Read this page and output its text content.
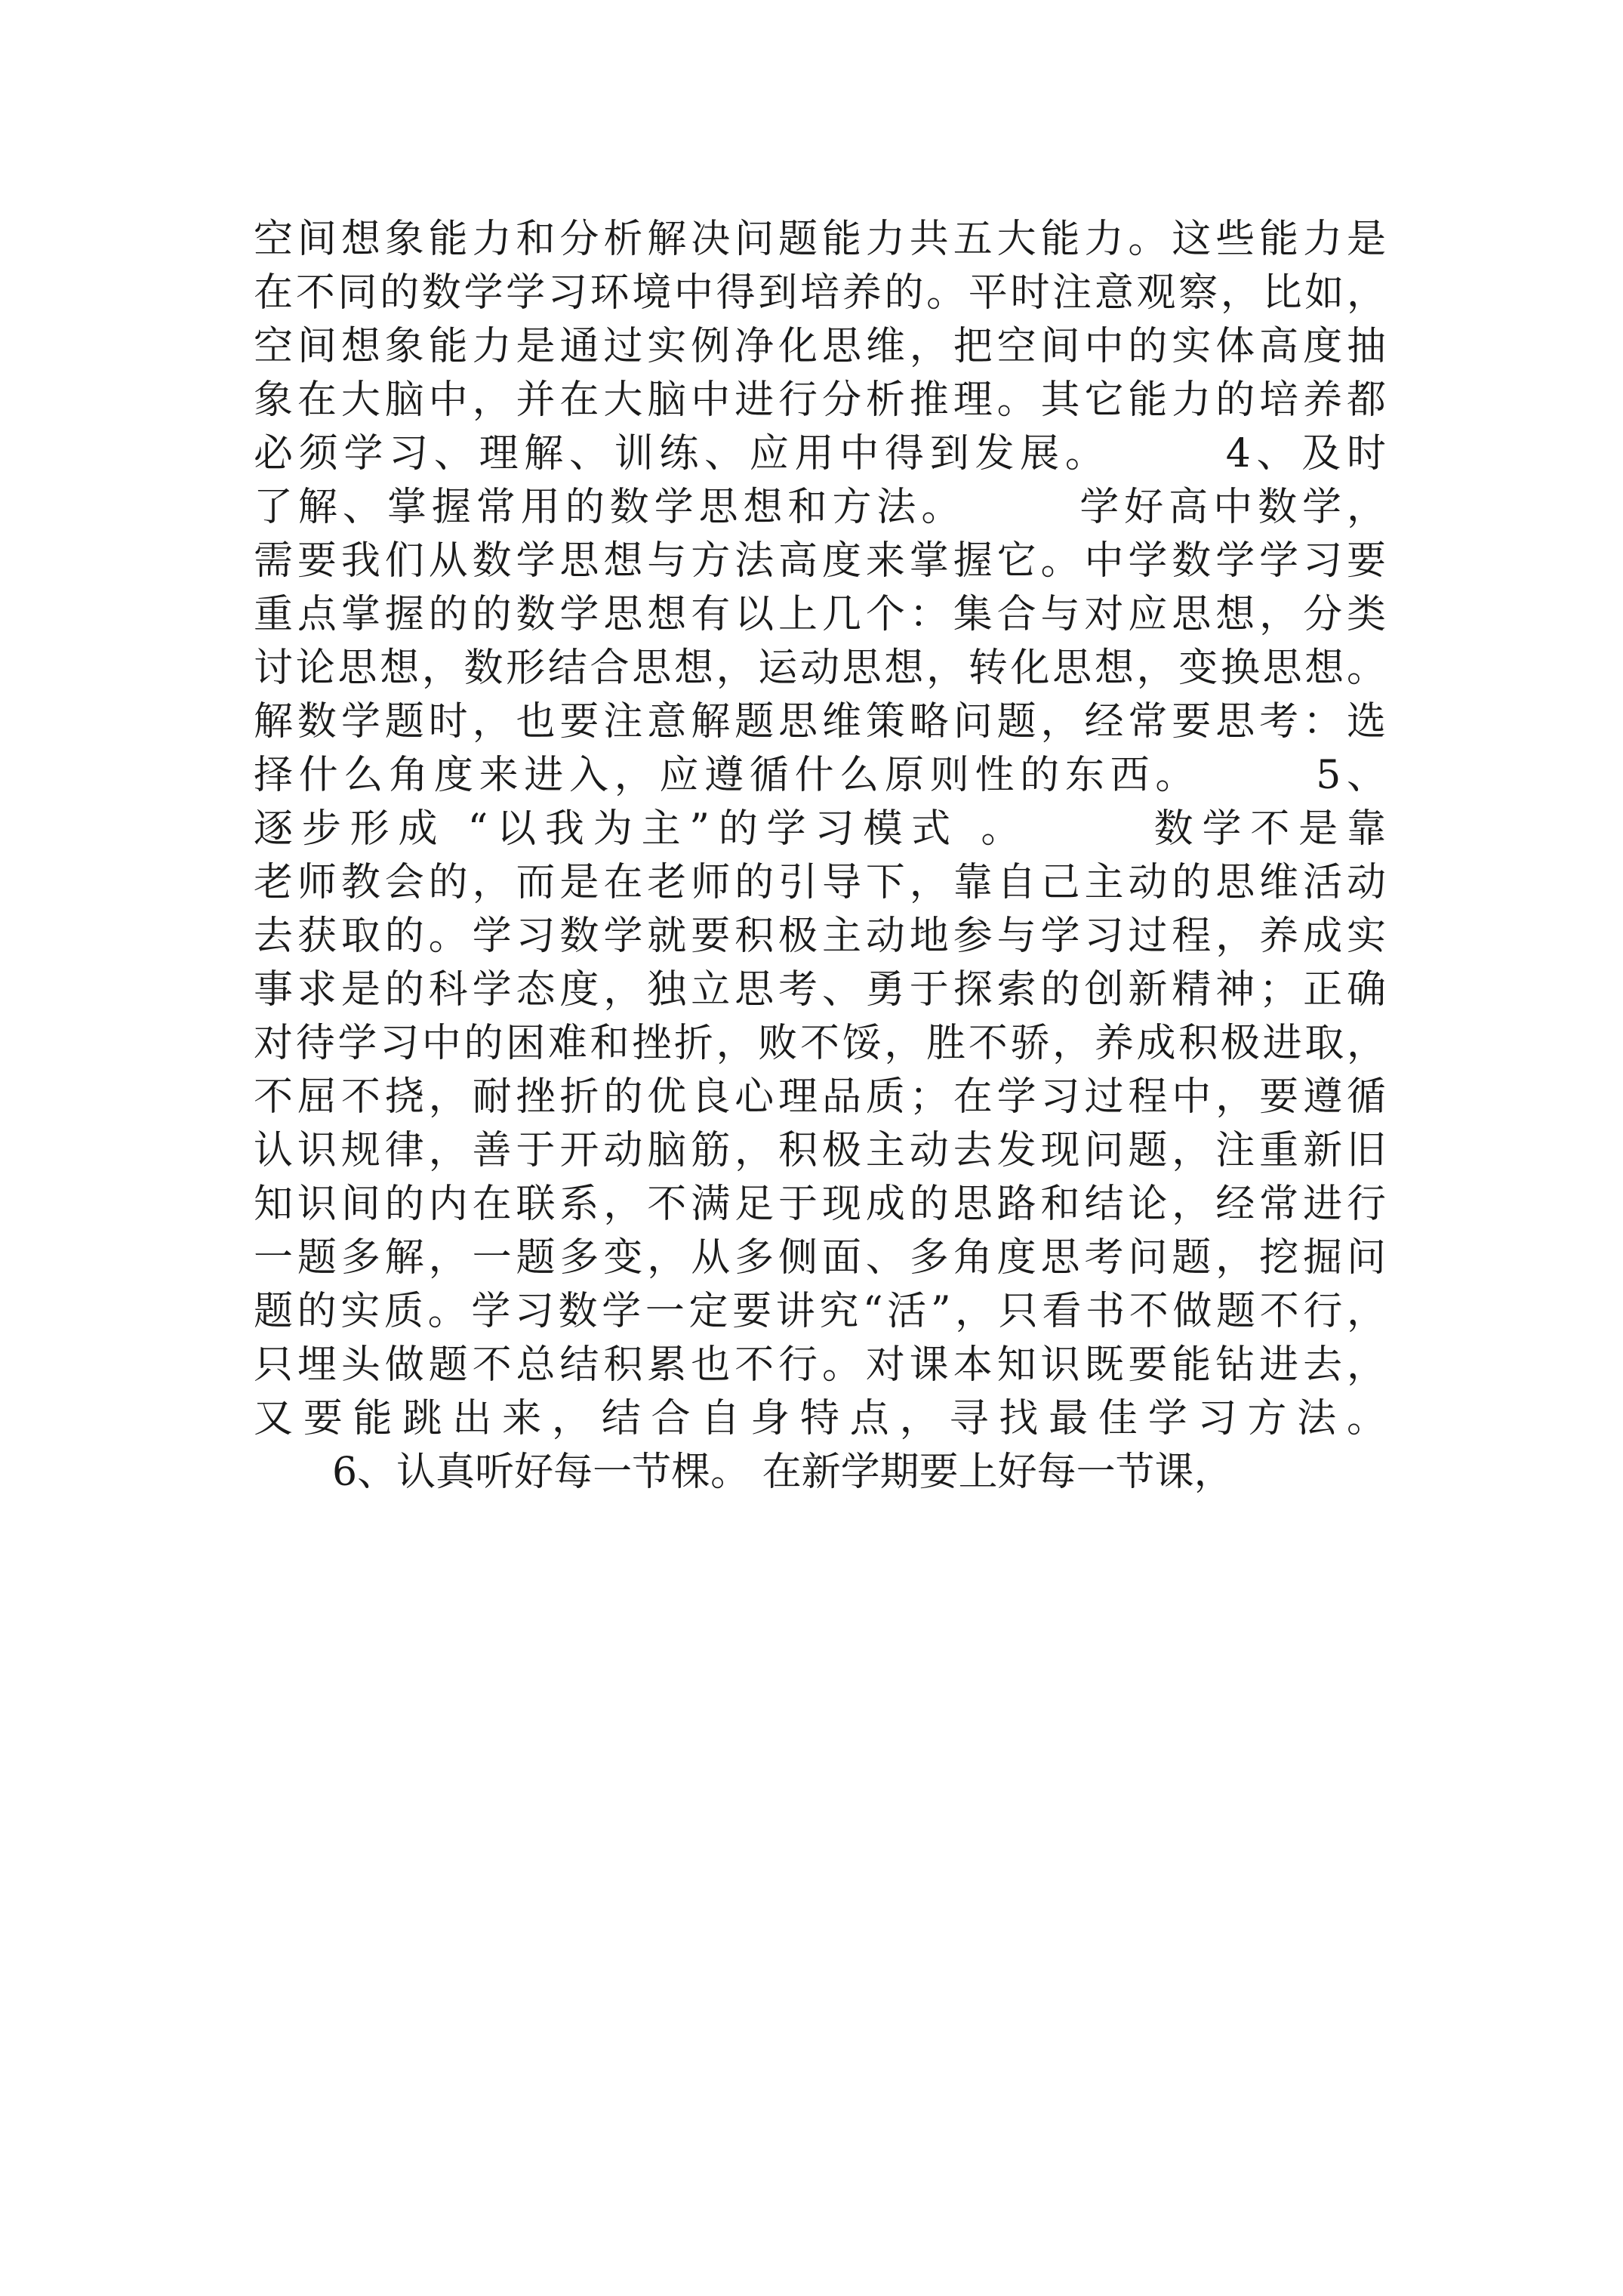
空间想象能力和分析解决问题能力共五大能力。这些能力是

在不同的数学学习环境中得到培养的。平时注意观察，比如，

空间想象能力是通过实例净化思维，把空间中的实体高度抽

象在大脑中，并在大脑中进行分析推理。其它能力的培养都

必须学习、理解、训练、应用中得到发展。　　　4、及时

了解、掌握常用的数学思想和方法。　　　学好高中数学，

需要我们从数学思想与方法高度来掌握它。中学数学学习要

重点掌握的的数学思想有以上几个：集合与对应思想，分类

讨论思想，数形结合思想，运动思想，转化思想，变换思想。

解数学题时，也要注意解题思维策略问题，经常要思考：选

择什么角度来进入，应遵循什么原则性的东西。　　　5、

逐步形成 “以我为主”的学习模式 。　　　数学不是靠

老师教会的，而是在老师的引导下，靠自己主动的思维活动

去获取的。学习数学就要积极主动地参与学习过程，养成实

事求是的科学态度，独立思考、勇于探索的创新精神；正确

对待学习中的困难和挫折，败不馁，胜不骄，养成积极进取，

不屈不挠，耐挫折的优良心理品质；在学习过程中，要遵循

认识规律，善于开动脑筋，积极主动去发现问题，注重新旧

知识间的内在联系，不满足于现成的思路和结论，经常进行

一题多解，一题多变，从多侧面、多角度思考问题，挖掘问

题的实质。学习数学一定要讲究“活”，只看书不做题不行，

只埋头做题不总结积累也不行。对课本知识既要能钻进去，

又要能跳出来，结合自身特点，寻找最佳学习方法。

　　6、认真听好每一节棵。 在新学期要上好每一节课，
